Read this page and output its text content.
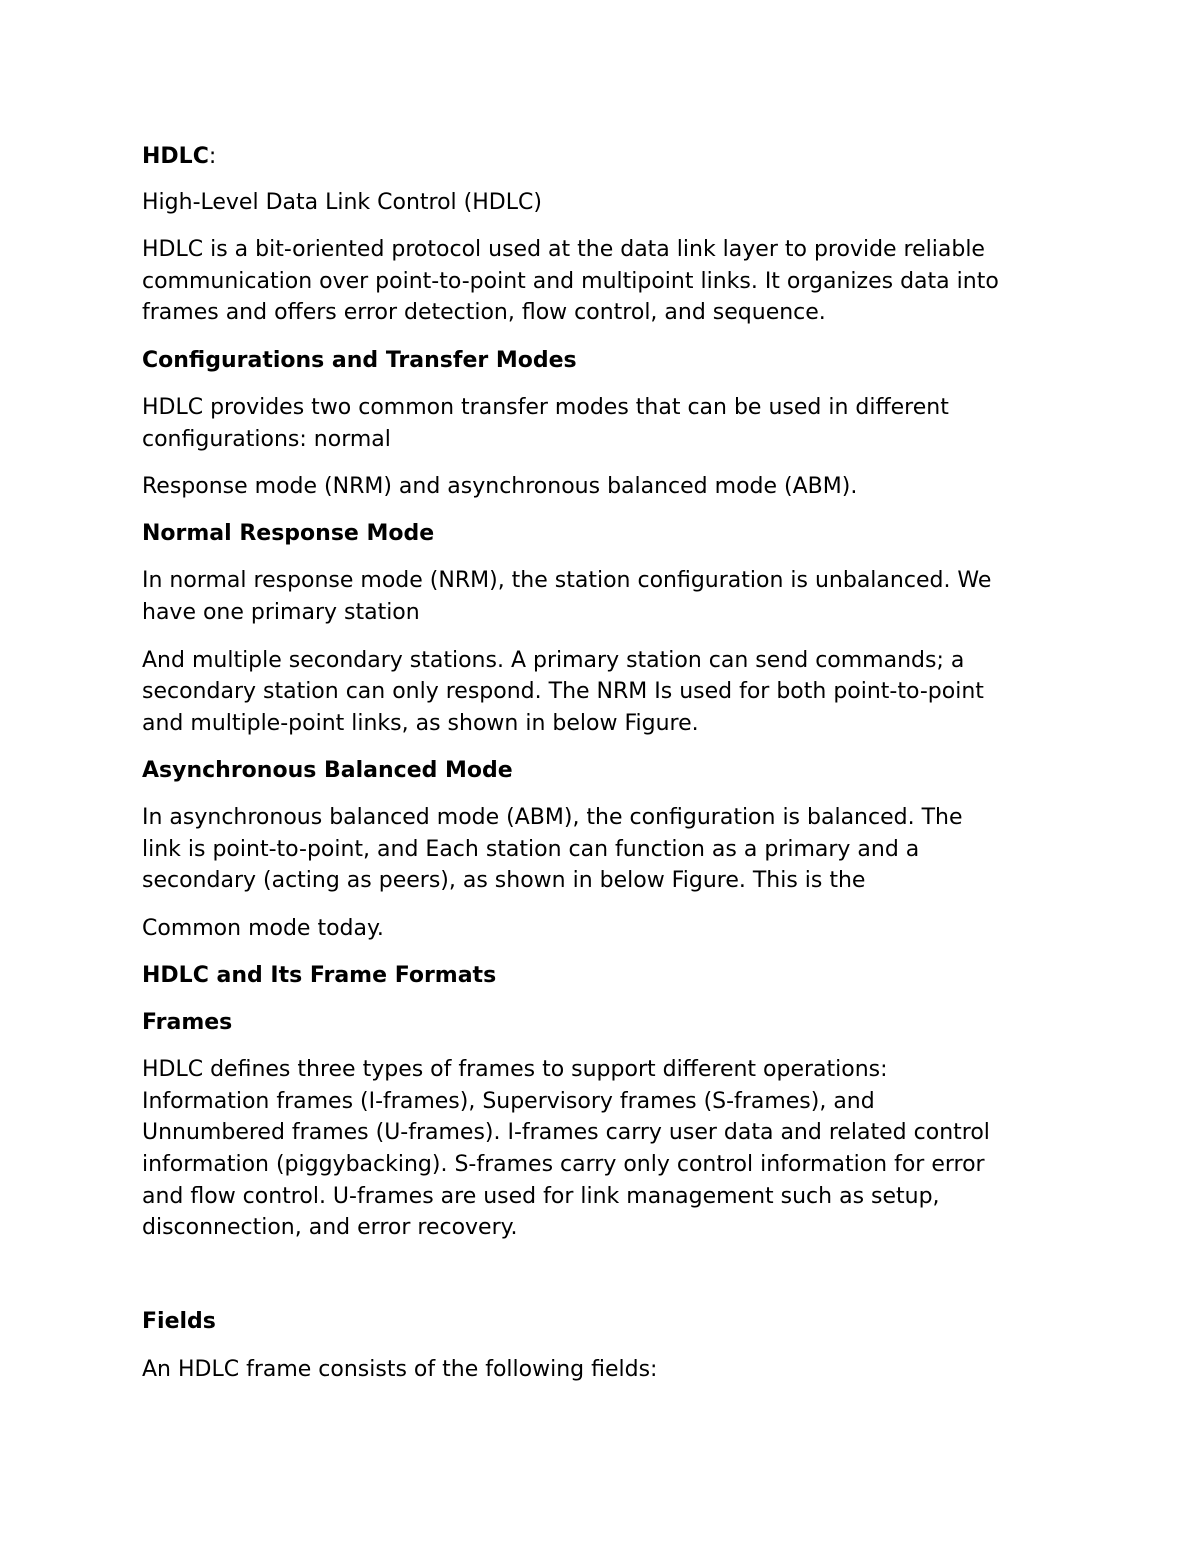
HDLC:
High-Level Data Link Control (HDLC)
HDLC is a bit-oriented protocol used at the data link layer to provide reliable
communication over point-to-point and multipoint links. It organizes data into
frames and offers error detection, flow control, and sequence.
Configurations and Transfer Modes
HDLC provides two common transfer modes that can be used in different
configurations: normal
Response mode (NRM) and asynchronous balanced mode (ABM).
Normal Response Mode
In normal response mode (NRM), the station configuration is unbalanced. We
have one primary station
And multiple secondary stations. A primary station can send commands; a
secondary station can only respond. The NRM Is used for both point-to-point
and multiple-point links, as shown in below Figure.
Asynchronous Balanced Mode
In asynchronous balanced mode (ABM), the configuration is balanced. The
link is point-to-point, and Each station can function as a primary and a
secondary (acting as peers), as shown in below Figure. This is the
Common mode today.
HDLC and Its Frame Formats
Frames
HDLC defines three types of frames to support different operations:
Information frames (I-frames), Supervisory frames (S-frames), and
Unnumbered frames (U-frames). I-frames carry user data and related control
information (piggybacking). S-frames carry only control information for error
and flow control. U-frames are used for link management such as setup,
disconnection, and error recovery.
Fields
An HDLC frame consists of the following fields:
